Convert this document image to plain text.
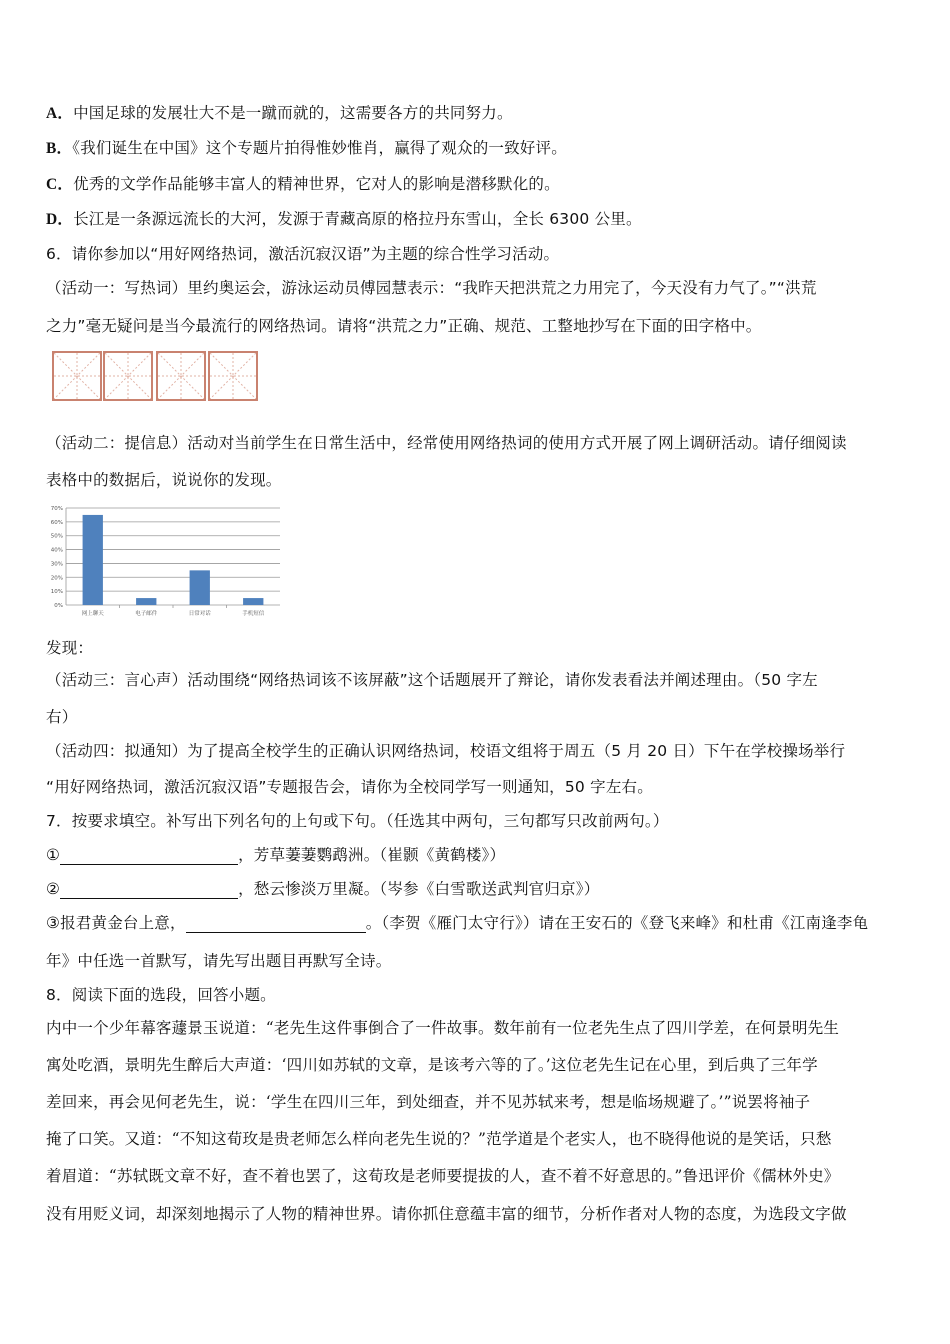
A．中国足球的发展壮大不是一蹴而就的，这需要各方的共同努力。
B．《我们诞生在中国》这个专题片拍得惟妙惟肖，赢得了观众的一致好评。
C．优秀的文学作品能够丰富人的精神世界，它对人的影响是潜移默化的。
D．长江是一条源远流长的大河，发源于青藏高原的格拉丹东雪山，全长 6300 公里。
6．请你参加以“用好网络热词，激活沉寂汉语”为主题的综合性学习活动。
（活动一：写热词）里约奥运会，游泳运动员傅园慧表示：“我昨天把洪荒之力用完了，今天没有力气了。”“洪荒
之力”毫无疑问是当今最流行的网络热词。请将“洪荒之力”正确、规范、工整地抄写在下面的田字格中。
（活动二：提信息）活动对当前学生在日常生活中，经常使用网络热词的使用方式开展了网上调研活动。请仔细阅读
表格中的数据后，说说你的发现。
0%
10%
20%
30%
40%
50%
60%
70%
网上聊天	电子邮件	日常对话	手机短信
发现：
（活动三：言心声）活动围绕“网络热词该不该屏蔽”这个话题展开了辩论，请你发表看法并阐述理由。（50 字左
右）
（活动四：拟通知）为了提高全校学生的正确认识网络热词，校语文组将于周五（5 月 20 日）下午在学校操场举行
“用好网络热词，激活沉寂汉语”专题报告会，请你为全校同学写一则通知，50 字左右。
7．按要求填空。补写出下列名句的上句或下句。（任选其中两句，三句都写只改前两句。）
①	，芳草萋萋鹦鹉洲。（崔颢《黄鹤楼》）
②	，愁云惨淡万里凝。（岑参《白雪歌送武判官归京》）
③报君黄金台上意，	。（李贺《雁门太守行》）请在王安石的《登飞来峰》和杜甫《江南逢李龟
年》中任选一首默写，请先写出题目再默写全诗。
8．阅读下面的选段，回答小题。
内中一个少年幕客蘧景玉说道：“老先生这件事倒合了一件故事。数年前有一位老先生点了四川学差，在何景明先生
寓处吃酒，景明先生醉后大声道：‘四川如苏轼的文章，是该考六等的了。’这位老先生记在心里，到后典了三年学
差回来，再会见何老先生，说：‘学生在四川三年，到处细查，并不见苏轼来考，想是临场规避了。’”说罢将袖子
掩了口笑。又道：“不知这荀玫是贵老师怎么样向老先生说的？”范学道是个老实人，也不晓得他说的是笑话，只愁
着眉道：“苏轼既文章不好，查不着也罢了，这荀玫是老师要提拔的人，查不着不好意思的。”鲁迅评价《儒林外史》
没有用贬义词，却深刻地揭示了人物的精神世界。请你抓住意蕴丰富的细节，分析作者对人物的态度，为选段文字做
